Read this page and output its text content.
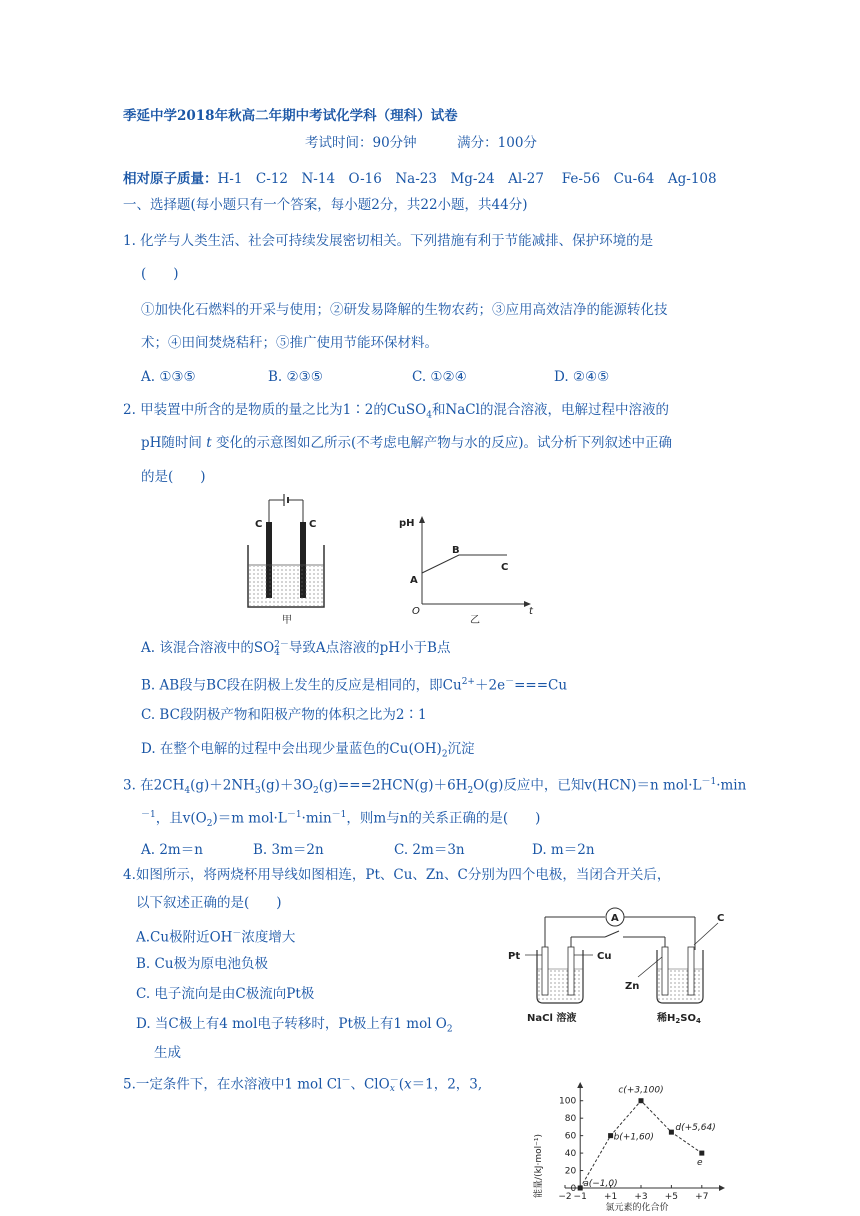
季延中学2018年秋高二年期中考试化学科（理科）试卷
考试时间：90分钟　　　满分：100分
相对原子质量：H-1　C-12　N-14　O-16　Na-23　Mg-24　Al-27　 Fe-56　Cu-64　Ag-108
一、选择题(每小题只有一个答案，每小题2分，共22小题，共44分)
1. 化学与人类生活、社会可持续发展密切相关。下列措施有利于节能减排、保护环境的是
(　　)
①加快化石燃料的开采与使用；②研发易降解的生物农药；③应用高效洁净的能源转化技
术；④田间焚烧秸秆；⑤推广使用节能环保材料。
A. ①③⑤	B. ②③⑤	C. ①②④	D. ②④⑤
2. 甲装置中所含的是物质的量之比为1∶2的CuSO$_4$和NaCl的混合溶液，电解过程中溶液的
pH随时间 t 变化的示意图如乙所示(不考虑电解产物与水的反应)。试分析下列叙述中正确
的是(　　)
C	C
甲
pH
O	t
A
B
C
乙
A. 该混合溶液中的SO 2－
4 导致A点溶液的pH小于B点
B. AB段与BC段在阴极上发生的反应是相同的，即$Cu^{2+}+2e^-===Cu$
C. BC段阴极产物和阳极产物的体积之比为2∶1
D. 在整个电解的过程中会出现少量蓝色的$Cu(OH)_2$沉淀
3. 在$2CH_4(g)+2NH_3(g)+3O_2(g)===2HCN(g)+6H_2O(g)$反应中，已知v(HCN)＝n $mol\cdot L^{-1}\cdot\min$
$^{-1}$，且$v(O_2)=m$ $mol\cdot L^{-1}\cdot\min^{-1}$，则m与n的关系正确的是(　　)
A. 2m＝n	B. 3m＝2n	C. 2m＝3n	D. m＝2n
4.如图所示，将两烧杯用导线如图相连，Pt、Cu、Zn、C分别为四个电极，当闭合开关后，
以下叙述正确的是(　　)
A.Cu极附近OH－浓度增大
B. Cu极为原电池负极
C. 电子流向是由C极流向Pt极
D. 当C极上有4 mol电子转移时，Pt极上有1 mol $O_2$
生成
A
Pt	Cu
Zn
C
NaCl 溶液	稀$H_2SO_4$
5.一定条件下，在水溶液中1 mol Cl－、ClO －
x (x＝1，2，3,
0
20
40
60
80
100
−2 −1 +1 +3 +5 +7
a(−1,0)
b(+1,60)
c(+3,100)
d(+5,64)
e
能量/(kJ·mol⁻¹)
氯元素的化合价
